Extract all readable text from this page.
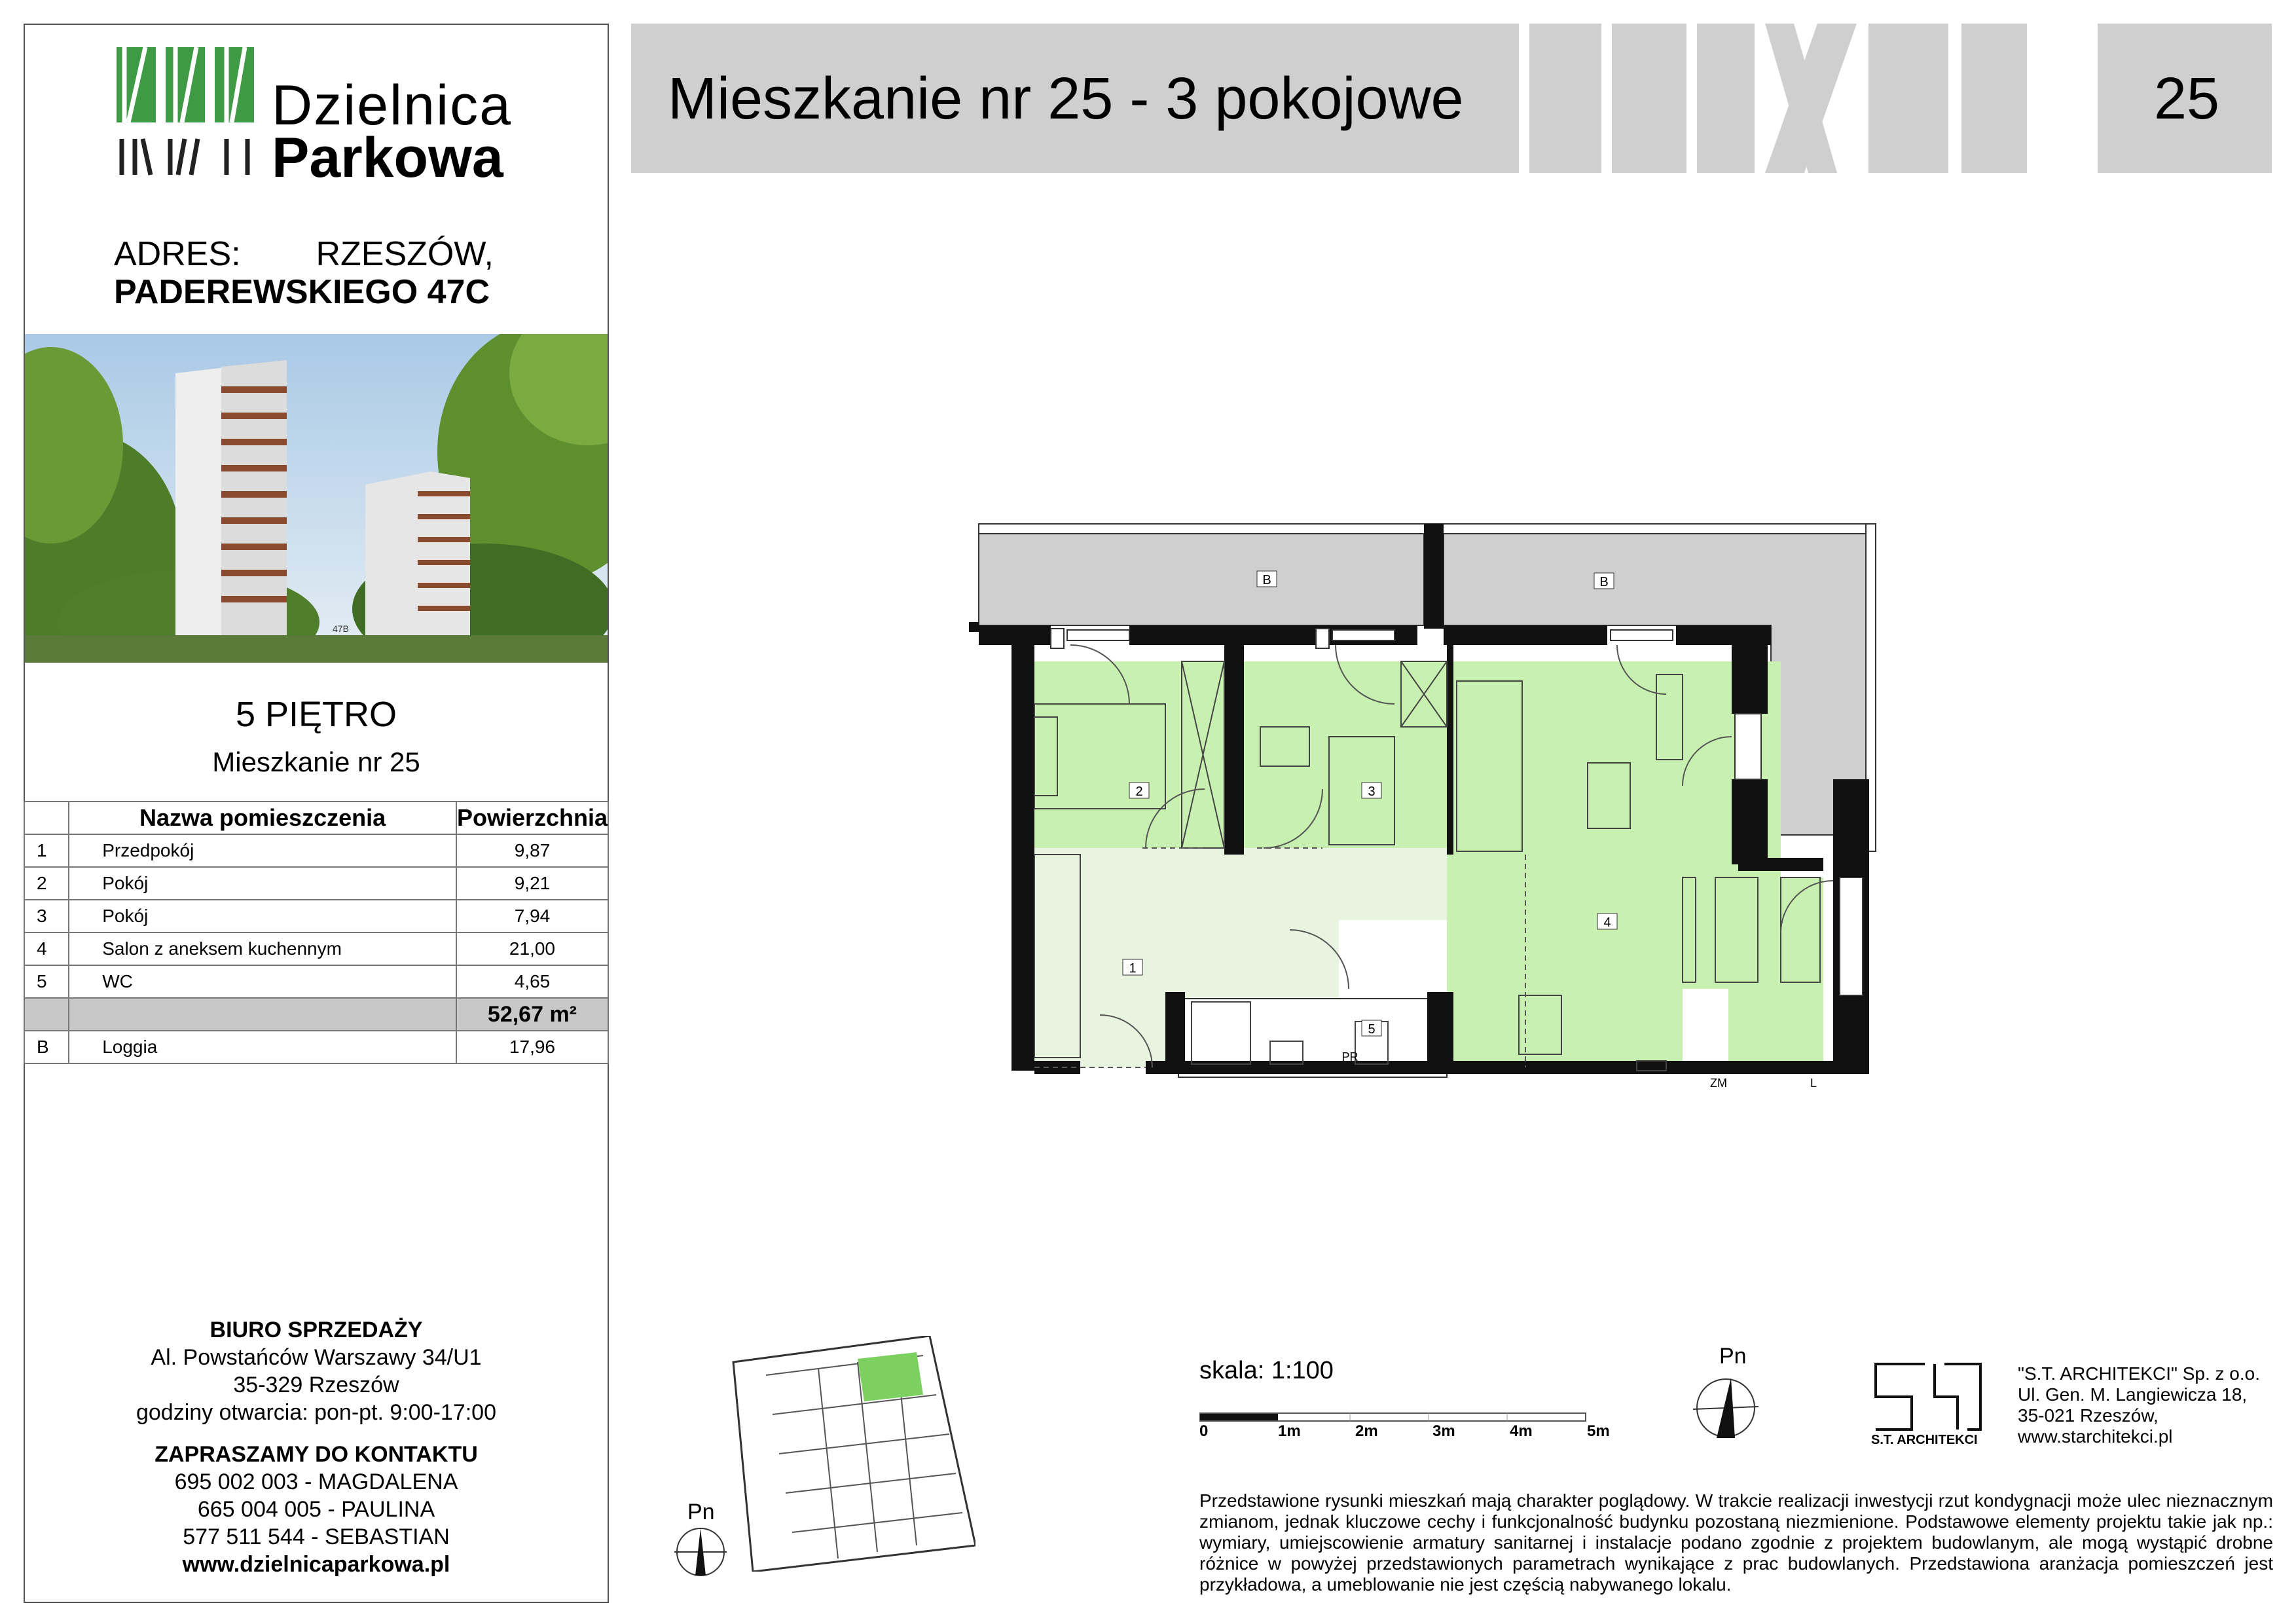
Dzielnica
Parkowa
ADRES: RZESZÓW,
PADEREWSKIEGO 47C
47B
5 PIĘTRO
Mieszkanie nr 25
	Nazwa pomieszczenia	Powierzchnia
1	Przedpokój	9,87
2	Pokój	9,21
3	Pokój	7,94
4	Salon z aneksem kuchennym	21,00
5	WC	4,65
		52,67 m²
B	Loggia	17,96
BIURO SPRZEDAŻY
Al. Powstańców Warszawy 34/U1
35-329 Rzeszów
godziny otwarcia: pon-pt. 9:00-17:00
ZAPRASZAMY DO KONTAKTU
695 002 003 - MAGDALENA
665 004 005 - PAULINA
577 511 544 - SEBASTIAN
www.dzielnicaparkowa.pl
Mieszkanie nr 25 - 3 pokojowe	25
B	B
2	3
4
1
5
PR
ZM	L
Pn
skala: 1:100
0	1m	2m	3m	4m	5m
Pn
S.T. ARCHITEKCI
"S.T. ARCHITEKCI" Sp. z o.o.
Ul. Gen. M. Langiewicza 18,
35-021 Rzeszów,
www.starchitekci.pl
Przedstawione rysunki mieszkań mają charakter poglądowy. W trakcie realizacji inwestycji rzut kondygnacji może ulec nieznacznym zmianom, jednak kluczowe cechy i funkcjonalność budynku pozostaną niezmienione. Podstawowe elementy projektu takie jak np.: wymiary, umiejscowienie armatury sanitarnej i instalacje podano zgodnie z projektem budowlanym, ale mogą wystąpić drobne różnice w powyżej przedstawionych parametrach wynikające z prac budowlanych. Przedstawiona aranżacja pomieszczeń jest przykładowa, a umeblowanie nie jest częścią nabywanego lokalu.
